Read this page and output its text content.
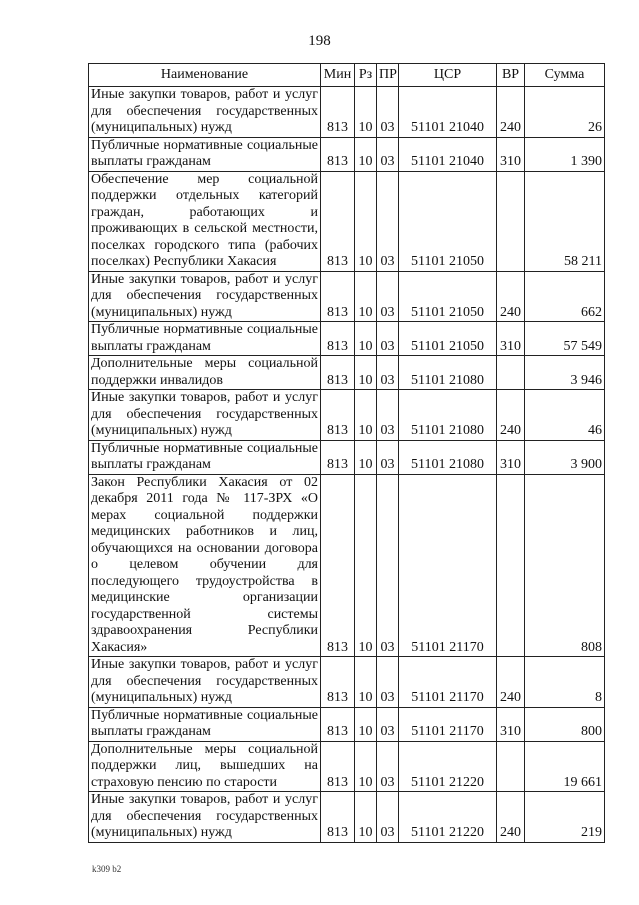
198
Наименование	Мин	Рз	ПР	ЦСР	ВР	Сумма
Иные закупки товаров, работ и услуг для обеспечения государственных (муниципальных) нужд	813	10	03	51101 21040	240	26
Публичные нормативные социальные выплаты гражданам	813	10	03	51101 21040	310	1 390
Обеспечение мер социальной поддержки отдельных категорий граждан, работающих и проживающих в сельской местности, поселках городского типа (рабочих поселках) Республики Хакасия	813	10	03	51101 21050		58 211
Иные закупки товаров, работ и услуг для обеспечения государственных (муниципальных) нужд	813	10	03	51101 21050	240	662
Публичные нормативные социальные выплаты гражданам	813	10	03	51101 21050	310	57 549
Дополнительные меры социальной поддержки инвалидов	813	10	03	51101 21080		3 946
Иные закупки товаров, работ и услуг для обеспечения государственных (муниципальных) нужд	813	10	03	51101 21080	240	46
Публичные нормативные социальные выплаты гражданам	813	10	03	51101 21080	310	3 900
Закон Республики Хакасия от 02 декабря 2011 года № 117-ЗРХ «О мерах социальной поддержки медицинских работников и лиц, обучающихся на основании договора о целевом обучении для последующего трудоустройства в медицинские организации государственной системы здравоохранения Республики Хакасия»	813	10	03	51101 21170		808
Иные закупки товаров, работ и услуг для обеспечения государственных (муниципальных) нужд	813	10	03	51101 21170	240	8
Публичные нормативные социальные выплаты гражданам	813	10	03	51101 21170	310	800
Дополнительные меры социальной поддержки лиц, вышедших на страховую пенсию по старости	813	10	03	51101 21220		19 661
Иные закупки товаров, работ и услуг для обеспечения государственных (муниципальных) нужд	813	10	03	51101 21220	240	219
k309 b2
